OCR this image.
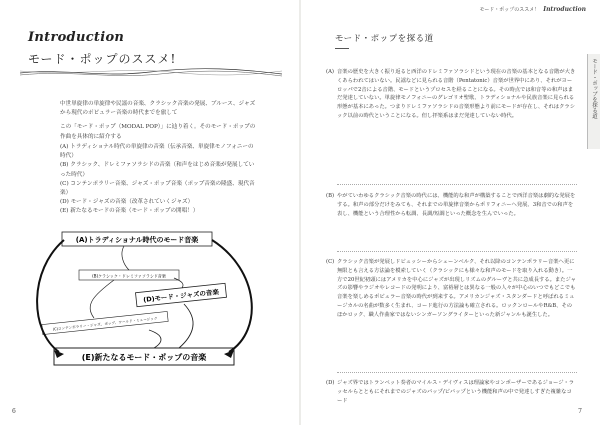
Introduction
モード・ポップのススメ!

中世単旋律の単旋律や民謡の音楽、クラシック音楽の発展、ブルース、ジャズから現代のポピュラー音楽の時代までを旅して

この「モード・ポップ（MODAL POP）」に辿り着く。そのモード・ポップの作曲を具体的に紹介する

(A) トラディショナル時代の単旋律の音楽（伝承音楽、単旋律モノフォニーの時代）
(B) クラシック、ドレミファソラシドの音楽（和声をはじめ音楽が発展していった時代）
(C) コンテンポラリー音楽、ジャズ・ポップ音楽（ポップ音楽の隆盛、現代音楽）
(D) モード・ジャズの音楽（改革されていくジャズ）
(E) 新たなるモードの音楽（モード・ポップの開唱！）
(A)トラディショナル時代のモード音楽
(B)クラシック・ドレミファソラシド音楽
(D)モード・ジャズの音楽
(C)コンテンポラリー・ジャズ、ポップ、ワールド・ミュージック
(E)新たなるモード・ポップの音楽
6
モード・ポップのススメ！ Introduction
モード・ポップを探る道
モード・ポップを探る道
(A) 音楽の歴史を大きく振り返ると西洋のドレミファソラシドという現在の音楽の基本となる音階が大きくあらわれてはいない。民謡などに見られる音階（Pentatonic）音楽が世界中にあり、それがヨーロッパで2音による音階、モードというプロセスを経ることになる。その時点では和音等の和声はまだ発達していない。単旋律モノフォニーのグレゴリオ聖歌、トラディショナルや民族音楽に見られる形態が基本にあった。つまりドレミファソラシドの音楽形態より前にモードが存在し、それはクラシック以前の時代ということになる。但し拝楽系はまだ発達していない時代。
(B) やがていわゆるクラシック音楽の時代には、機能的な和声が構築することで西洋音楽は劇的な発展をする。和声の部分だけをみても、それまでの単旋律音楽からポリフォニーへ発展、3和音での和声を表し、機能という合理性から転調、長調/短調といった概念を生んでいった。
(C) クラシック音楽が発展しドビュッシーからシェーンベルク、それ以降のコンテンポラリー音楽へ更に無限とも言える方法論を模索していく（クラシックにも様々な和声のモードを取り入れる動き）。一方で20世紀初頭にはアメリカを中心にジャズが出現しリズムのグルーヴと共に急成長する。またジャズの影響やラジオやレコードの発明により、富裕層とは異なる一般の人々が中心のいつでもどこでも音楽を楽しめるポピュラー音楽の時代が到来する。アメリカンジャズ・スタンダードと呼ばれるミュージカルの名曲が数多く生まれ、コード進行の方法論も確立される。ロックンロールやR&B、そのほかロック、職人作曲家ではないシンガーソングライターといった新ジャンルも誕生した。
(D) ジャズ界ではトランペット奏者のマイルス・デイヴィスは理論家やコンポーザーであるジョージ・ラッセルらとともにそれまでのジャズのバップ/ビバップという機能和声の中で発達しすぎた複雑なコード
7
